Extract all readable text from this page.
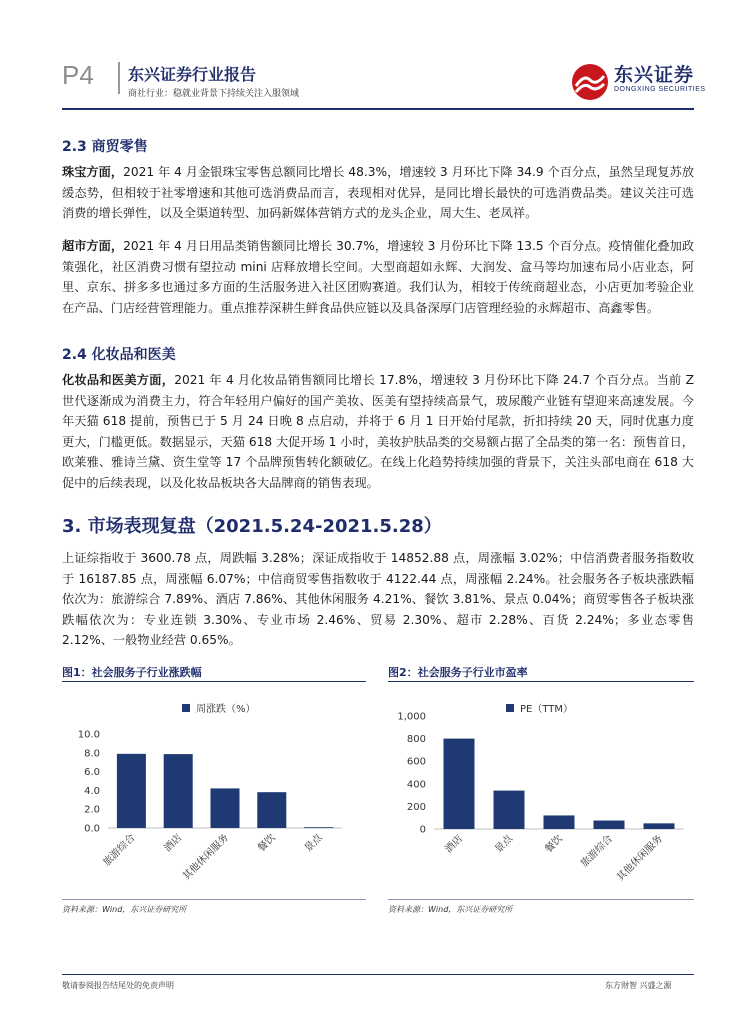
P4 东兴证券行业报告
商社行业：稳就业背景下持续关注入服领域
东兴证券
DONGXING SECURITIES
2.3 商贸零售
珠宝方面，2021 年 4 月金银珠宝零售总额同比增长 48.3%，增速较 3 月环比下降 34.9 个百分点，虽然呈现复苏放缓态势，但相较于社零增速和其他可选消费品而言，表现相对优异，是同比增长最快的可选消费品类。建议关注可选消费的增长弹性，以及全渠道转型、加码新媒体营销方式的龙头企业，周大生、老凤祥。
超市方面，2021 年 4 月日用品类销售额同比增长 30.7%，增速较 3 月份环比下降 13.5 个百分点。疫情催化叠加政策强化，社区消费习惯有望拉动 mini 店释放增长空间。大型商超如永辉、大润发、盒马等均加速布局小店业态，阿里、京东、拼多多也通过多方面的生活服务进入社区团购赛道。我们认为，相较于传统商超业态，小店更加考验企业在产品、门店经营管理能力。重点推荐深耕生鲜食品供应链以及具备深厚门店管理经验的永辉超市、高鑫零售。
2.4 化妆品和医美
化妆品和医美方面，2021 年 4 月化妆品销售额同比增长 17.8%，增速较 3 月份环比下降 24.7 个百分点。当前 Z 世代逐渐成为消费主力，符合年轻用户偏好的国产美妆、医美有望持续高景气，玻尿酸产业链有望迎来高速发展。今年天猫 618 提前，预售已于 5 月 24 日晚 8 点启动，并将于 6 月 1 日开始付尾款，折扣持续 20 天，同时优惠力度更大，门槛更低。数据显示，天猫 618 大促开场 1 小时，美妆护肤品类的交易额占据了全品类的第一名：预售首日，欧莱雅、雅诗兰黛、资生堂等 17 个品牌预售转化额破亿。在线上化趋势持续加强的背景下，关注头部电商在 618 大促中的后续表现，以及化妆品板块各大品牌商的销售表现。
3. 市场表现复盘（2021.5.24-2021.5.28）
上证综指收于 3600.78 点，周跌幅 3.28%；深证成指收于 14852.88 点，周涨幅 3.02%；中信消费者服务指数收于 16187.85 点，周涨幅 6.07%；中信商贸零售指数收于 4122.44 点，周涨幅 2.24%。社会服务各子板块涨跌幅依次为：旅游综合 7.89%、酒店 7.86%、其他休闲服务 4.21%、餐饮 3.81%、景点 0.04%；商贸零售各子板块涨跌幅依次为：专业连锁 3.30%、专业市场 2.46%、贸易 2.30%、超市 2.28%、百货 2.24%；多业态零售 2.12%、一般物业经营 0.65%。
图1：社会服务子行业涨跌幅
周涨跌（%）
0.0
2.0
4.0
6.0
8.0
10.0
旅游综合 酒店
其他休闲服务 餐饮 景点
资料来源：Wind，东兴证券研究所
图2：社会服务子行业市盈率
PE（TTM）
0
200
400
600
800
1,000
酒店	景点	餐饮 旅游综合 其他休闲服务
资料来源：Wind，东兴证券研究所
敬请参阅报告结尾处的免责声明	东方财智 兴盛之源
